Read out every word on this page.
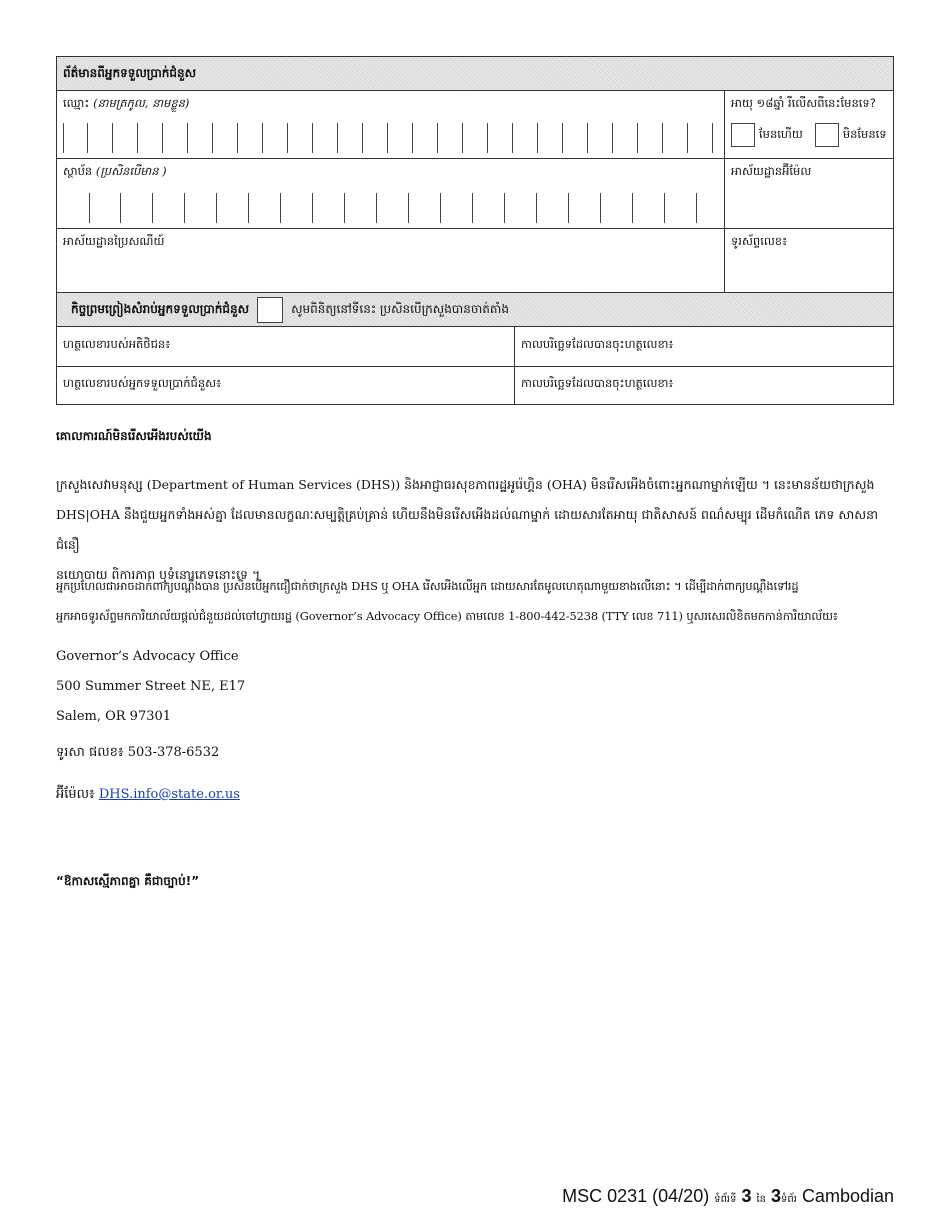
ព័ត៌មានពីអ្នកទទួលប្រាក់ជំនួស
ឈ្មោះ (នាមត្រកូល, នាមខ្លួន)	អាយុ ១៨ឆ្នាំ រឺលើសពីនេះមែនទេ?
មែនហើយ	មិនមែនទេ
ស្ថាប័ន (ប្រសិនបើមាន )	អាស័យដ្ឋានអ៊ីម៉ែល
អាស័យដ្ឋានប្រៃសណីយ៍	ទូរស័ព្ទលេខ៖
កិច្ចព្រមព្រៀងសំរាប់អ្នកទទួលប្រាក់ជំនួស	សូមពិនិត្យនៅទីនេះ ប្រសិនបើក្រសួងបានចាត់តាំង
ហត្ថលេខារបស់អតិថិជន៖	កាលបរិច្ឆេទដែលបានចុះហត្ថលេខា៖
ហត្ថលេខារបស់អ្នកទទួលប្រាក់ជំនួស៖	កាលបរិច្ឆេទដែលបានចុះហត្ថលេខា៖
គោលការណ៍មិនរើសអើងរបស់យើង
ក្រសួងសេវាមនុស្ស (Department of Human Services (DHS)) និងអាជ្ញាធរសុខភាពរដ្ឋអូរ៉េហ្គិន (OHA) មិនរើសអើងចំពោះអ្នកណាម្នាក់ឡើយ ។ នេះមានន័យថាក្រសួង
DHS|OHA នឹងជួយអ្នកទាំងអស់គ្នា ដែលមានលក្ខណៈសម្បត្តិគ្រប់គ្រាន់ ហើយនឹងមិនរើសអើងដល់ណាម្នាក់ ដោយសារតែអាយុ ជាតិសាសន៍ ពណ៌សម្បុរ ដើមកំណើត ភេទ សាសនា ជំនឿ
នយោបាយ ពិការភាព ឬទំនោរភេទនោះទេ ។
អ្នកប្រហែលជាអាចដាក់ពាក្យបណ្តឹងបាន ប្រសិនបើអ្នកជឿជាក់ថាក្រសួង DHS ឬ OHA រើសអើងលើអ្នក ដោយសារតែមូលហេតុណាមួយខាងលើនោះ ។ ដើម្បីដាក់ពាក្យបណ្តឹងទៅរដ្ឋ
អ្នកអាចទូរស័ព្ទមកការិយាល័យផ្តល់ជំនួយដល់ចៅហ្វាយរដ្ឋ (Governor’s Advocacy Office) តាមលេខ 1-800-442-5238 (TTY លេខ 711) ឬសរសេរលិខិតមកកាន់ការិយាល័យ៖
Governor’s Advocacy Office
500 Summer Street NE, E17
Salem, OR 97301
ទូរសា ផលខ៖ 503-378-6532
អ៊ីម៉ែល៖ DHS.info@state.or.us
“ឱកាសស្មើភាពគ្នា គឺជាច្បាប់!”
MSC 0231 (04/20) ទំព័រទី 3 នៃ 3ទំព័រ Cambodian
